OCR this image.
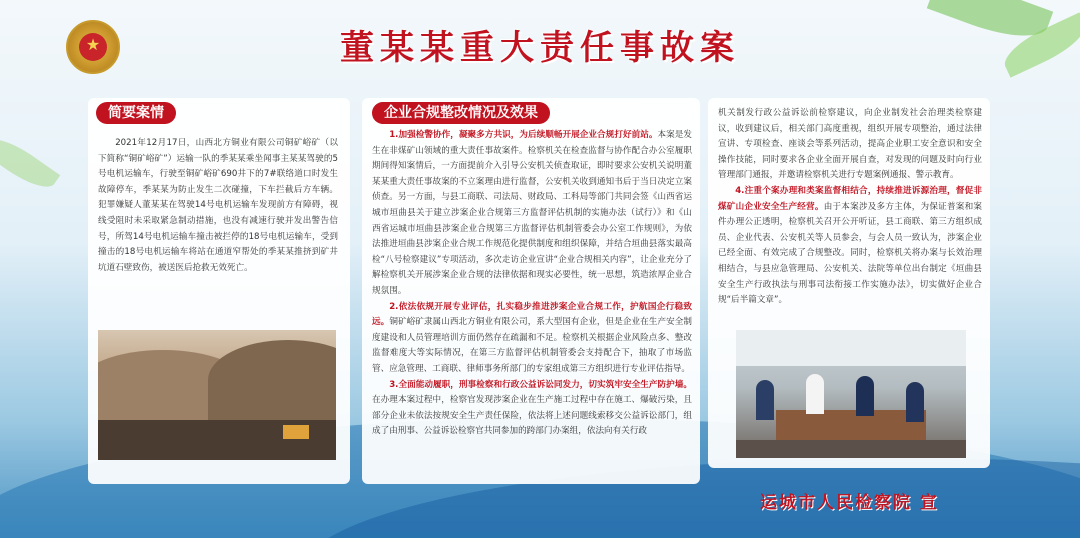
★	董某某重大责任事故案
简要案情	企业合规整改情况及效果
2021年12月17日，山西北方铜业有限公司铜矿峪矿（以下简称“铜矿峪矿”）运输一队的季某某乘坐闻事主某某驾驶的5号电机运输车，行驶至铜矿峪矿690井下的7#联络道口时发生故障停车，季某某为防止发生二次碰撞，下车拦截后方车辆。犯罪嫌疑人董某某在驾驶14号电机运输车发现前方有障碍，视线受阻时未采取紧急制动措施，也没有减速行驶并发出警告信号，所驾14号电机运输车撞击被拦停的18号电机运输车，受到撞击的18号电机运输车将站在通道窄帮处的季某某推挤到矿井坑道石壁致伤，被送医后抢救无效死亡。
1.加强检警协作，凝聚多方共识，为后续顺畅开展企业合规打好前站。本案是发生在非煤矿山领域的重大责任事故案件。检察机关在检查监督与协作配合办公室履职期间得知案情后，一方面提前介入引导公安机关侦查取证，即时要求公安机关说明董某某重大责任事故案的不立案理由进行监督，公安机关收到通知书后于当日决定立案侦查。另一方面，与县工商联、司法局、财政局、工科局等部门共同会签《山西省运城市垣曲县关于建立涉案企业合规第三方监督评估机制的实施办法（试行）》和《山西省运城市垣曲县涉案企业合规第三方监督评估机制管委会办公室工作规则》，为依法推进垣曲县涉案企业合规工作规范化提供制度和组织保障，并结合垣曲县落实最高检“八号检察建议”专项活动，多次走访企业宣讲“企业合规相关内容”，让企业充分了解检察机关开展涉案企业合规的法律依据和现实必要性，统一思想，筑造浓厚企业合规氛围。
2.依法依规开展专业评估，扎实稳步推进涉案企业合规工作，护航国企行稳致远。铜矿峪矿隶属山西北方铜业有限公司，系大型国有企业，但是企业在生产安全制度建设和人员管理培训方面仍然存在疏漏和不足。检察机关根据企业风险点多、整改监督难度大等实际情况，在第三方监督评估机制管委会支持配合下，抽取了市场监管、应急管理、工商联、律师事务所部门的专家组成第三方组织进行专业评估指导。
3.全面能动履职，刑事检察和行政公益诉讼同发力，切实筑牢安全生产防护墙。在办理本案过程中，检察官发现涉案企业在生产施工过程中存在施工、爆破污染，且部分企业未依法按规安全生产责任保险，依法将上述问题线索移交公益诉讼部门，组成了由刑事、公益诉讼检察官共同参加的跨部门办案组，依法向有关行政
机关制发行政公益诉讼前检察建议，向企业制发社会治理类检察建议，收到建议后，相关部门高度重视，组织开展专项整治，通过法律宣讲、专项检查、座谈会等系列活动，提高企业职工安全意识和安全操作技能，同时要求各企业全面开展自查，对发现的问题及时向行业管理部门通报，并邀请检察机关进行专题案例通报、警示教育。
4.注重个案办理和类案监督相结合，持续推进诉源治理，督促非煤矿山企业安全生产经营。由于本案涉及多方主体，为保证普案和案件办理公正透明，检察机关召开公开听证，县工商联、第三方组织成员、企业代表、公安机关等人员参会，与会人员一致认为，涉案企业已经全面、有效完成了合规整改。同时，检察机关将办案与长效治理相结合，与县应急管理局、公安机关、法院等单位出台制定《垣曲县安全生产行政执法与刑事司法衔接工作实施办法》，切实做好企业合规“后半篇文章”。
运城市人民检察院 宣
